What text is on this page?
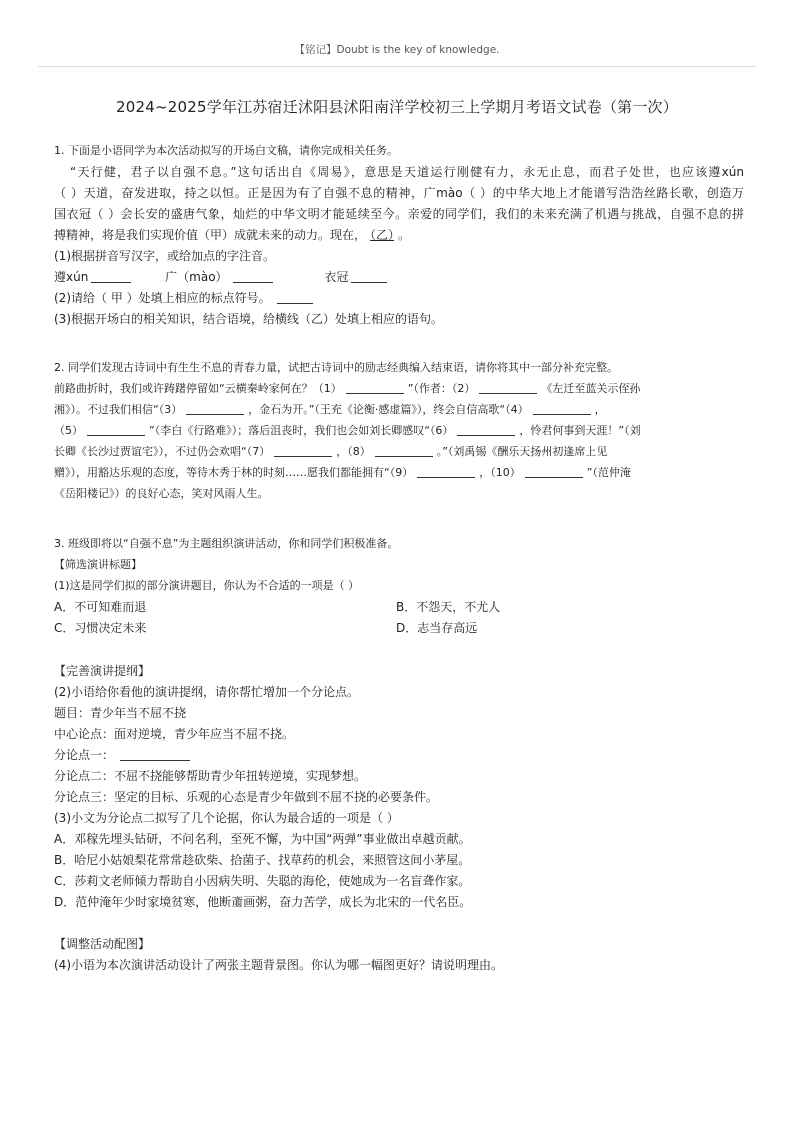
【铭记】Doubt is the key of knowledge.
2024~2025学年江苏宿迁沭阳县沭阳南洋学校初三上学期月考语文试卷（第一次）
1. 下面是小语同学为本次活动拟写的开场白文稿，请你完成相关任务。
“天行健，君子以自强不息。”这句话出自《周易》，意思是天道运行刚健有力，永无止息，而君子处世，也应该遵xún
（ ）天道，奋发进取，持之以恒。正是因为有了自强不息的精神，广mào（ ）的中华大地上才能谱写浩浩丝路长歌，创造万
国衣冠（ ）会长安的盛唐气象，灿烂的中华文明才能延续至今。亲爱的同学们，我们的未来充满了机遇与挑战，自强不息的拼
搏精神，将是我们实现价值（甲）成就未来的动力。现在， （乙） 。
(1)根据拼音写汉字，或给加点的字注音。
遵xún	广（mào）	衣冠
(2)请给（ 甲 ）处填上相应的标点符号。
(3)根据开场白的相关知识，结合语境，给横线（乙）处填上相应的语句。
2. 同学们发现古诗词中有生生不息的青春力量，试把古诗词中的励志经典编入结束语，请你将其中一部分补充完整。
前路曲折时，我们或许踌躇停留如“云横秦岭家何在？（1）	”（作者：（2）	《左迁至蓝关示侄孙
湘》）。不过我们相信“（3）	，金石为开。”（王充《论衡·感虚篇》），终会自信高歌“（4）	，
（5）	”（李白《行路难》）；落后沮丧时，我们也会如刘长卿感叹“（6）	，怜君何事到天涯！”（刘
长卿《长沙过贾谊宅》），不过仍会欢唱“（7）	，（8）	。”（刘禹锡《酬乐天扬州初逢席上见
赠》），用豁达乐观的态度，等待木秀于林的时刻……愿我们都能拥有“（9）	，（10）	”（范仲淹
《岳阳楼记》）的良好心态，笑对风雨人生。
3. 班级即将以“自强不息”为主题组织演讲活动，你和同学们积极准备。
【筛选演讲标题】
(1)这是同学们拟的部分演讲题目，你认为不合适的一项是（ ）
A．不可知难而退	B．不怨天，不尤人
C．习惯决定未来	D．志当存高远
【完善演讲提纲】
(2)小语给你看他的演讲提纲，请你帮忙增加一个分论点。
题目：青少年当不屈不挠
中心论点：面对逆境，青少年应当不屈不挠。
分论点一：
分论点二：不屈不挠能够帮助青少年扭转逆境，实现梦想。
分论点三：坚定的目标、乐观的心态是青少年做到不屈不挠的必要条件。
(3)小文为分论点二拟写了几个论据，你认为最合适的一项是（ ）
A．邓稼先埋头钻研，不问名利，至死不懈，为中国“两弹”事业做出卓越贡献。
B．哈尼小姑娘梨花常常趁砍柴、拾菌子、找草药的机会，来照管这间小茅屋。
C．莎莉文老师倾力帮助自小因病失明、失聪的海伦，使她成为一名盲聋作家。
D．范仲淹年少时家境贫寒，他断齑画粥，奋力苦学，成长为北宋的一代名臣。
【调整活动配图】
(4)小语为本次演讲活动设计了两张主题背景图。你认为哪一幅图更好？请说明理由。
